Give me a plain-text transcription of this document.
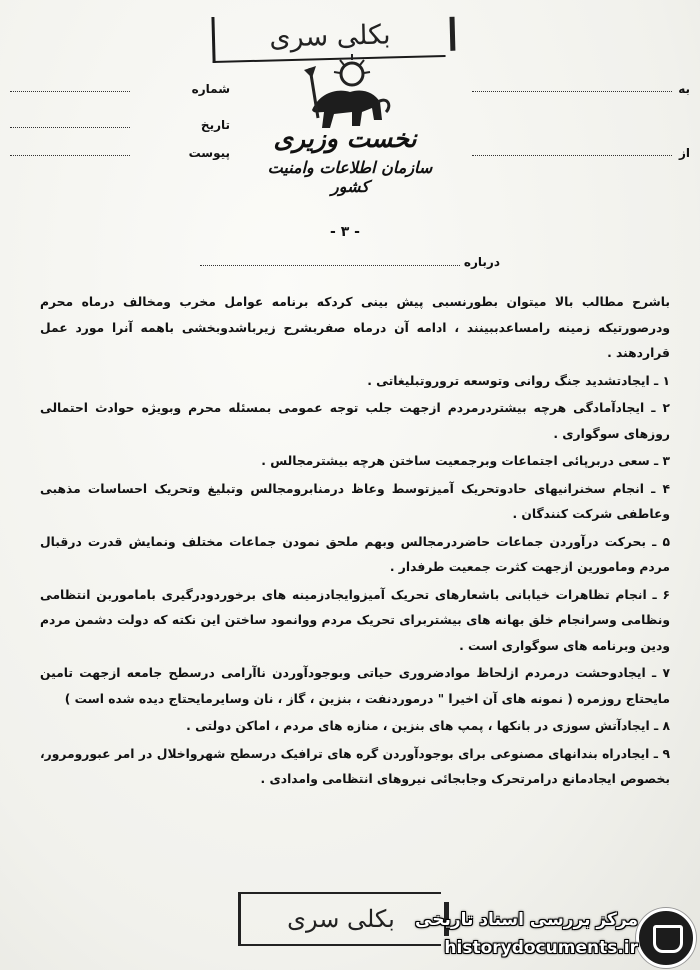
بکلی سری
نخست وزیری
سازمان اطلاعات وامنیت کشور
شماره
تاریخ
پیوست
به
از
- ۳ -
درباره

باشرح مطالب بالا میتوان بطورنسبی پیش بینی کردکه برنامه عوامل مخرب ومخالف درماه محرم ودرصورتیکه زمینه رامساعدببینند ، ادامه آن درماه صفربشرح زیرباشدوبخشی باهمه آنرا مورد عمل قراردهند .

۱ ـ ایجادتشدید جنگ روانی وتوسعه تروروتبلیغاتی .

۲ ـ ایجادآمادگی هرچه بیشتردرمردم ازجهت جلب توجه عمومی بمسئله محرم وبویژه حوادث احتمالی روزهای سوگواری .

۳ ـ سعی دربرپائی اجتماعات وبرجمعیت ساختن هرچه بیشترمجالس .

۴ ـ انجام سخنرانیهای حادوتحریک آمیزتوسط وعاظ درمنابرومجالس وتبلیغ وتحریک احساسات مذهبی وعاطفی شرکت کنندگان .

۵ ـ بحرکت درآوردن جماعات حاضردرمجالس وبهم ملحق نمودن جماعات مختلف ونمایش قدرت درقبال مردم ومامورین ازجهت کثرت جمعیت طرفدار .

۶ ـ انجام تظاهرات خیابانی باشعارهای تحریک آمیزوایجادزمینه های برخوردودرگیری باماموربن انتظامی ونظامی وسرانجام خلق بهانه های بیشتربرای تحریک مردم ووانمود ساختن این نکته که دولت دشمن مردم ودین وبرنامه های سوگواری است .

۷ ـ ایجادوحشت درمردم ازلحاظ موادضروری حیاتی وبوجودآوردن ناآرامی درسطح جامعه ازجهت تامین مایحتاج روزمره ( نمونه های آن اخیرا " درموردنفت ، بنزین ، گاز ، نان وسایرمایحتاج دیده شده است )

۸ ـ ایجادآتش سوزی در بانکها ، پمپ های بنزین ، منازه های مردم ، اماکن دولتی .

۹ ـ ایجادراه بندانهای مصنوعی برای بوجودآوردن گره های ترافیک درسطح شهرواخلال در امر عبورومرور، بخصوص ایجادمانع درامرتحرک وجابجائی نیروهای انتظامی وامدادی .

بکلی سری مرکز بررسی اسناد تاریخی
historydocuments.ir
